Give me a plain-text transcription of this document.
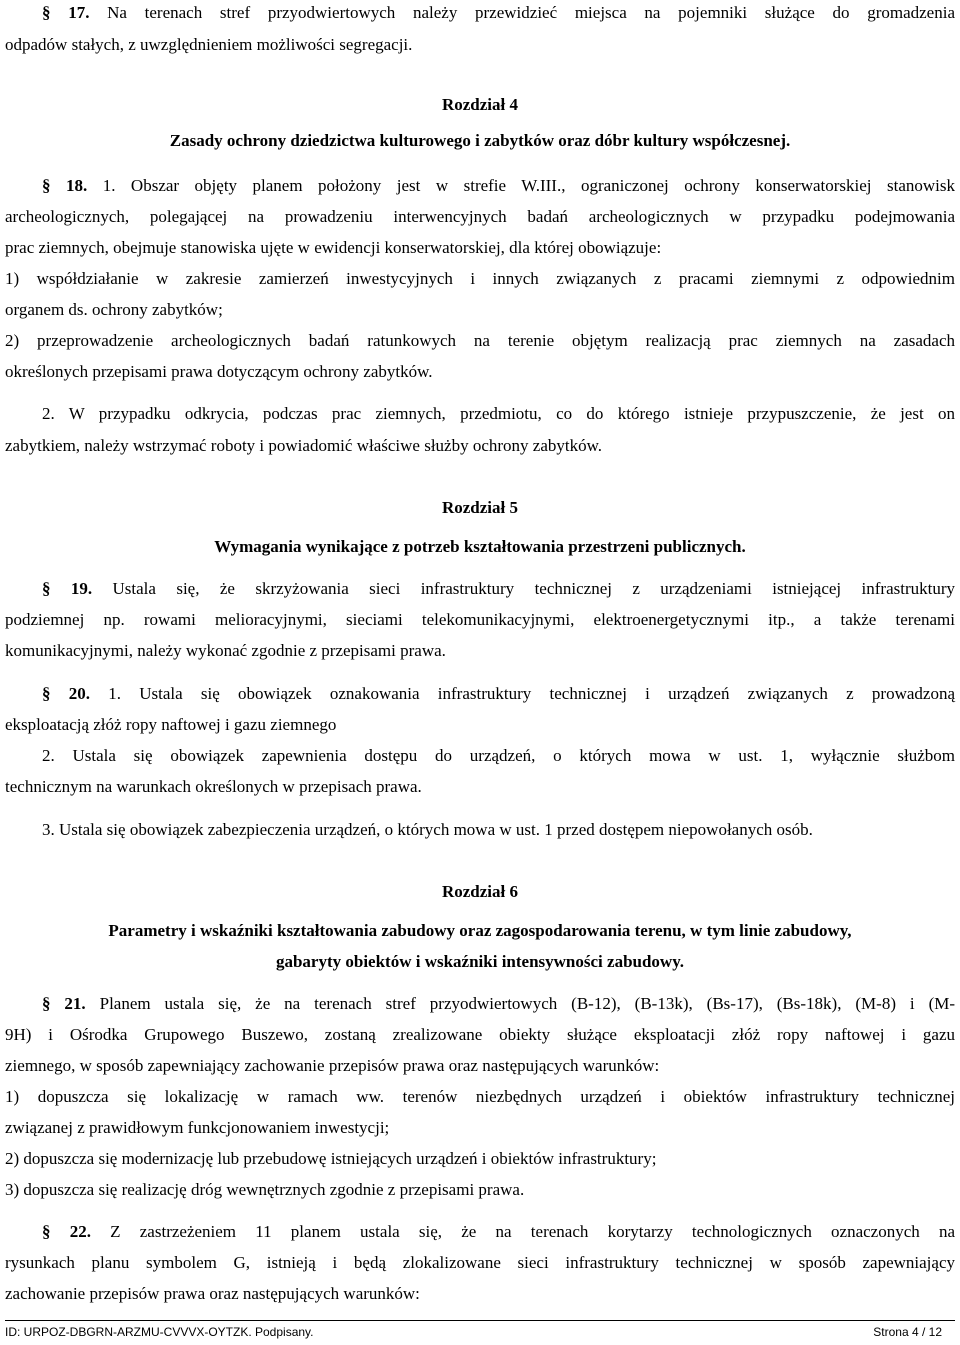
§ 17. Na terenach stref przyodwiertowych należy przewidzieć miejsca na pojemniki służące do gromadzenia
odpadów stałych, z uwzględnieniem możliwości segregacji.
Rozdział 4
Zasady ochrony dziedzictwa kulturowego i zabytków oraz dóbr kultury współczesnej.
§ 18. 1. Obszar objęty planem położony jest w strefie W.III., ograniczonej ochrony konserwatorskiej stanowisk
archeologicznych, polegającej na prowadzeniu interwencyjnych badań archeologicznych w przypadku podejmowania
prac ziemnych, obejmuje stanowiska ujęte w ewidencji konserwatorskiej, dla której obowiązuje:
1) współdziałanie w zakresie zamierzeń inwestycyjnych i innych związanych z pracami ziemnymi z odpowiednim
organem ds. ochrony zabytków;
2) przeprowadzenie archeologicznych badań ratunkowych na terenie objętym realizacją prac ziemnych na zasadach
określonych przepisami prawa dotyczącym ochrony zabytków.
2. W przypadku odkrycia, podczas prac ziemnych, przedmiotu, co do którego istnieje przypuszczenie, że jest on
zabytkiem, należy wstrzymać roboty i powiadomić właściwe służby ochrony zabytków.
Rozdział 5
Wymagania wynikające z potrzeb kształtowania przestrzeni publicznych.
§ 19. Ustala się, że skrzyżowania sieci infrastruktury technicznej z urządzeniami istniejącej infrastruktury
podziemnej np. rowami melioracyjnymi, sieciami telekomunikacyjnymi, elektroenergetycznymi itp., a także terenami
komunikacyjnymi, należy wykonać zgodnie z przepisami prawa.
§ 20. 1. Ustala się obowiązek oznakowania infrastruktury technicznej i urządzeń związanych z prowadzoną
eksploatacją złóż ropy naftowej i gazu ziemnego
2. Ustala się obowiązek zapewnienia dostępu do urządzeń, o których mowa w ust. 1, wyłącznie służbom
technicznym na warunkach określonych w przepisach prawa.
3. Ustala się obowiązek zabezpieczenia urządzeń, o których mowa w ust. 1 przed dostępem niepowołanych osób.
Rozdział 6
Parametry i wskaźniki kształtowania zabudowy oraz zagospodarowania terenu, w tym linie zabudowy,
gabaryty obiektów i wskaźniki intensywności zabudowy.
§ 21. Planem ustala się, że na terenach stref przyodwiertowych (B-12), (B-13k), (Bs-17), (Bs-18k), (M-8) i (M-
9H) i Ośrodka Grupowego Buszewo, zostaną zrealizowane obiekty służące eksploatacji złóż ropy naftowej i gazu
ziemnego, w sposób zapewniający zachowanie przepisów prawa oraz następujących warunków:
1) dopuszcza się lokalizację w ramach ww. terenów niezbędnych urządzeń i obiektów infrastruktury technicznej
związanej z prawidłowym funkcjonowaniem inwestycji;
2) dopuszcza się modernizację lub przebudowę istniejących urządzeń i obiektów infrastruktury;
3) dopuszcza się realizację dróg wewnętrznych zgodnie z przepisami prawa.
§ 22. Z zastrzeżeniem 11 planem ustala się, że na terenach korytarzy technologicznych oznaczonych na
rysunkach planu symbolem G, istnieją i będą zlokalizowane sieci infrastruktury technicznej w sposób zapewniający
zachowanie przepisów prawa oraz następujących warunków:
ID: URPOZ-DBGRN-ARZMU-CVVVX-OYTZK. Podpisany.	Strona 4 / 12
